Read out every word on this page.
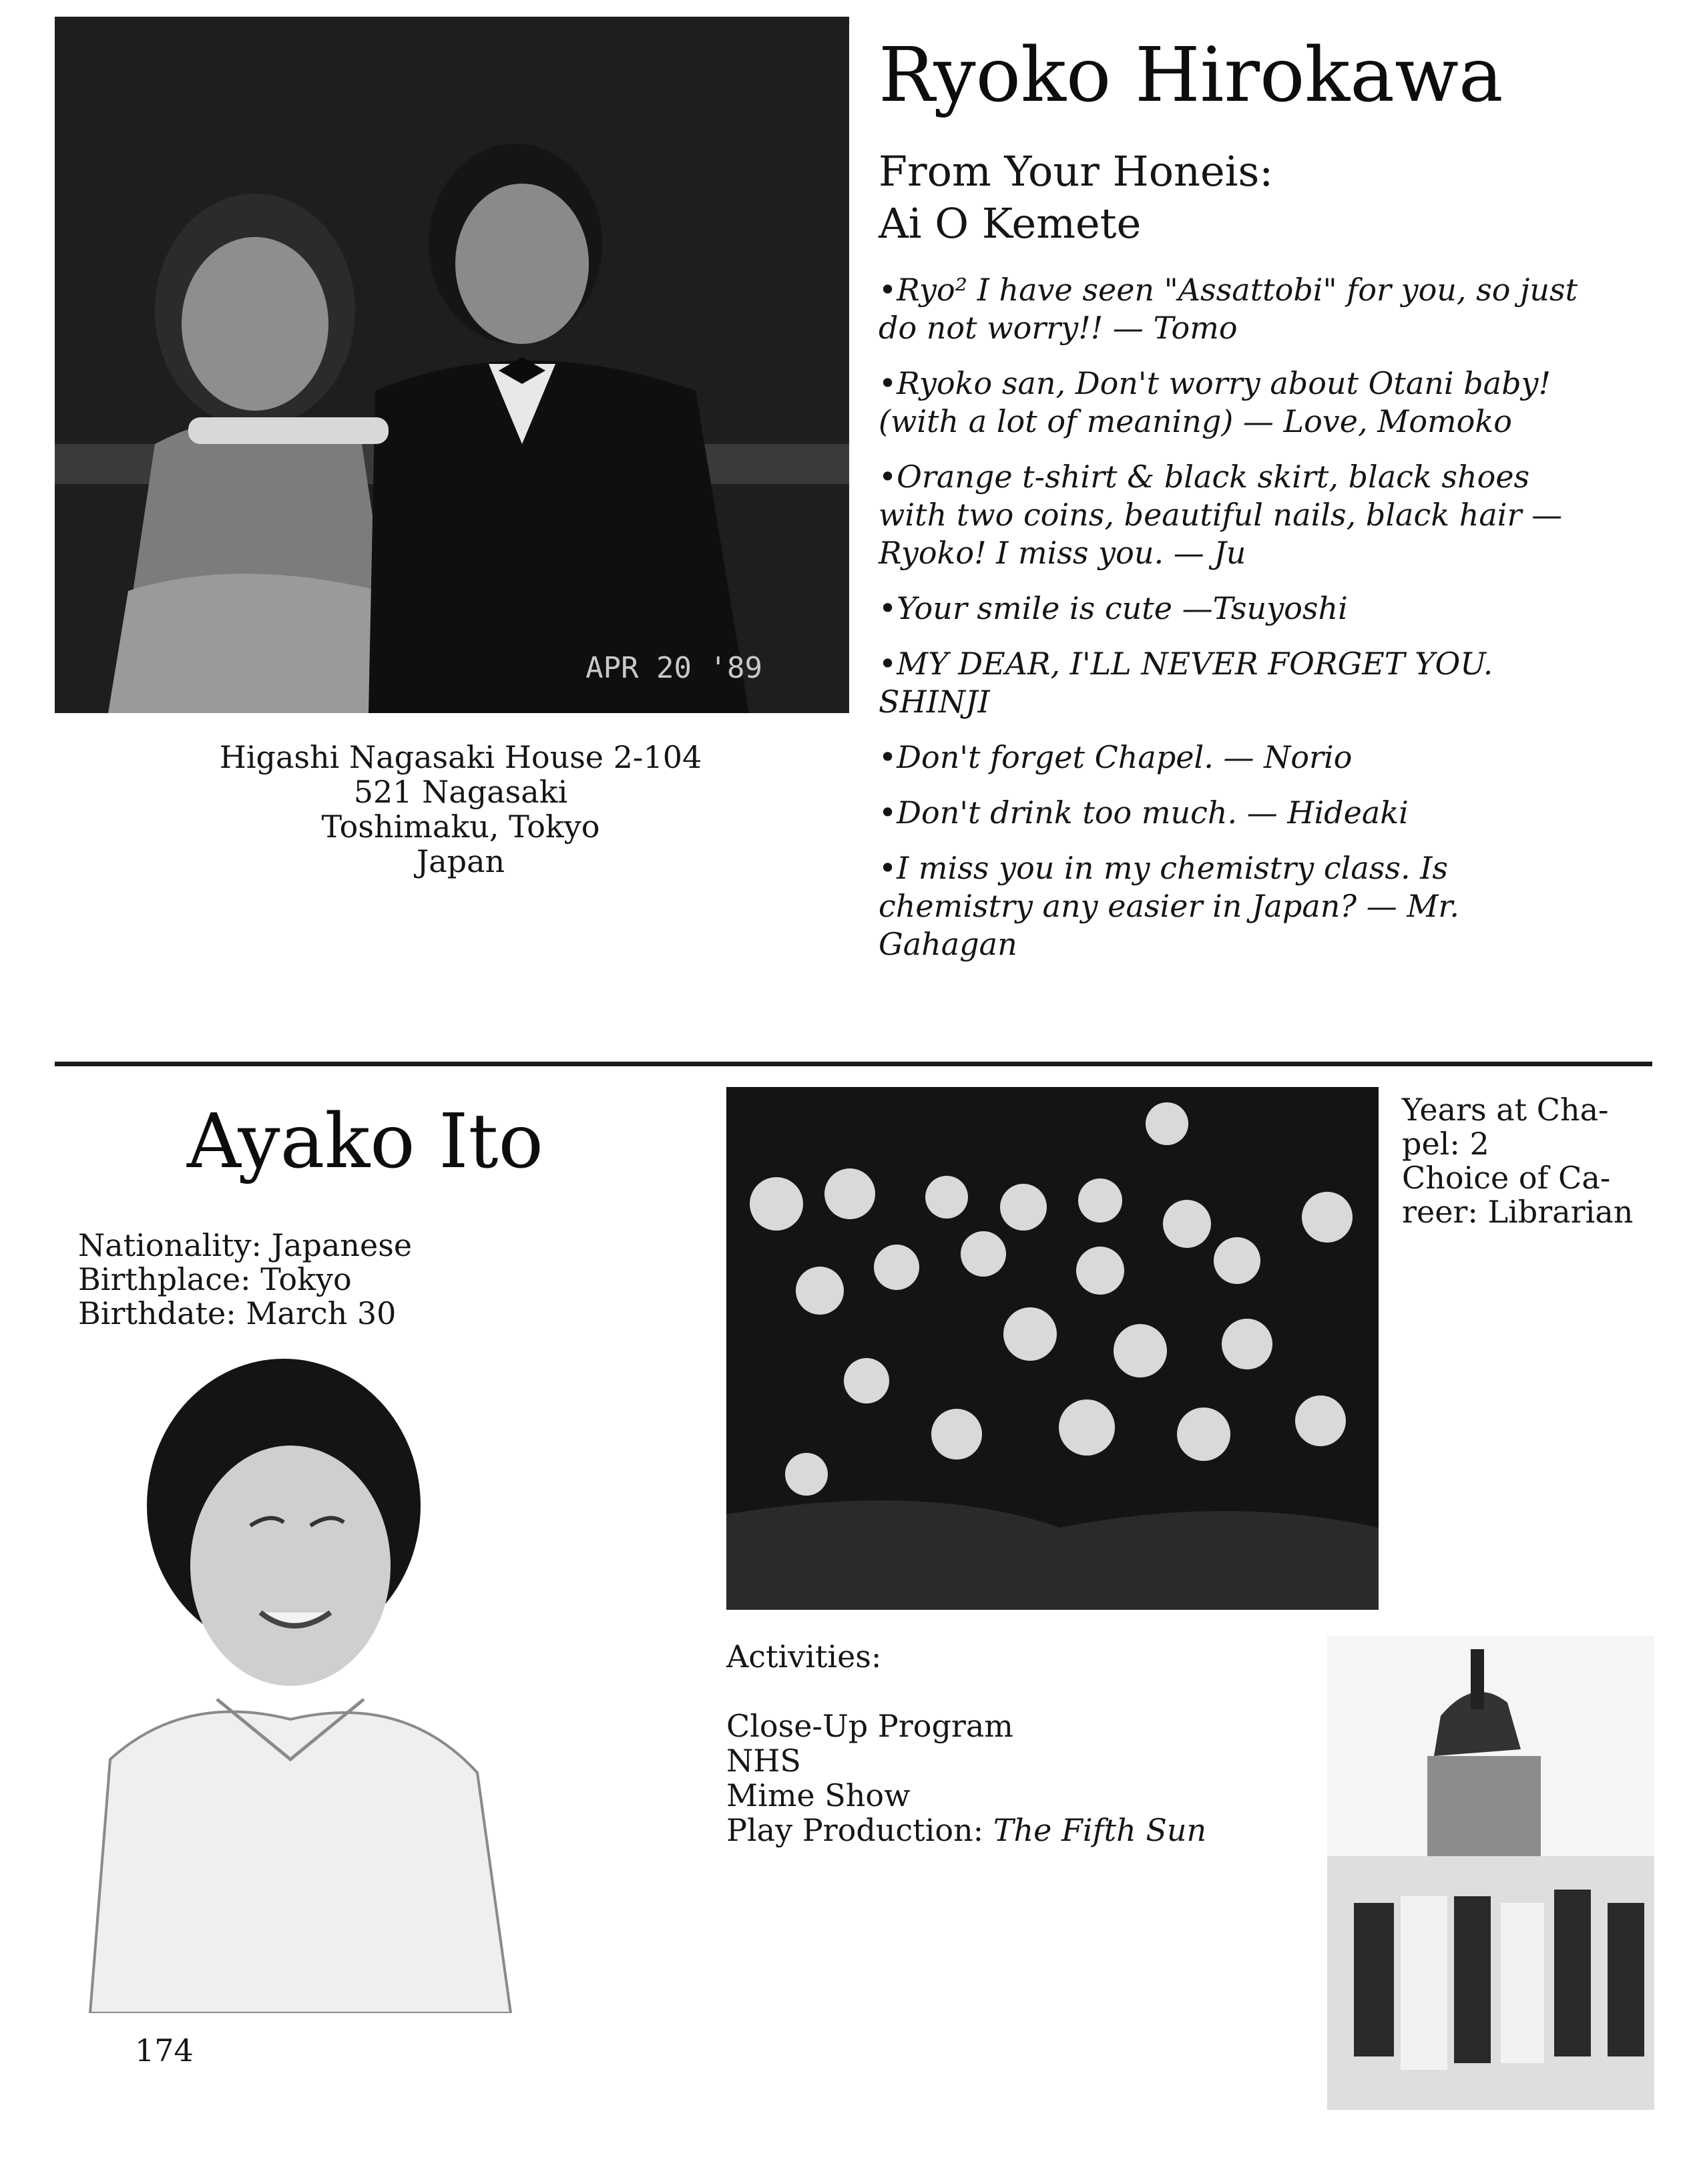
APR 20 '89
Higashi Nagasaki House 2-104
521 Nagasaki
Toshimaku, Tokyo
Japan
Ryoko Hirokawa
From Your Honeis:
Ai O Kemete

•Ryo² I have seen "Assattobi" for you, so just do not worry!! — Tomo

•Ryoko san, Don't worry about Otani baby! (with a lot of meaning) — Love, Momoko

•Orange t-shirt & black skirt, black shoes with two coins, beautiful nails, black hair — Ryoko! I miss you. — Ju

•Your smile is cute —Tsuyoshi

•MY DEAR, I'LL NEVER FORGET YOU. SHINJI

•Don't forget Chapel. — Norio

•Don't drink too much. — Hideaki

•I miss you in my chemistry class. Is chemistry any easier in Japan? — Mr. Gahagan

Ayako Ito
Nationality: Japanese
Birthplace: Tokyo
Birthdate: March 30
Years at Cha-
pel: 2
Choice of Ca-
reer: Librarian
Activities:
Close-Up Program
NHS
Mime Show
Play Production: The Fifth Sun
174
